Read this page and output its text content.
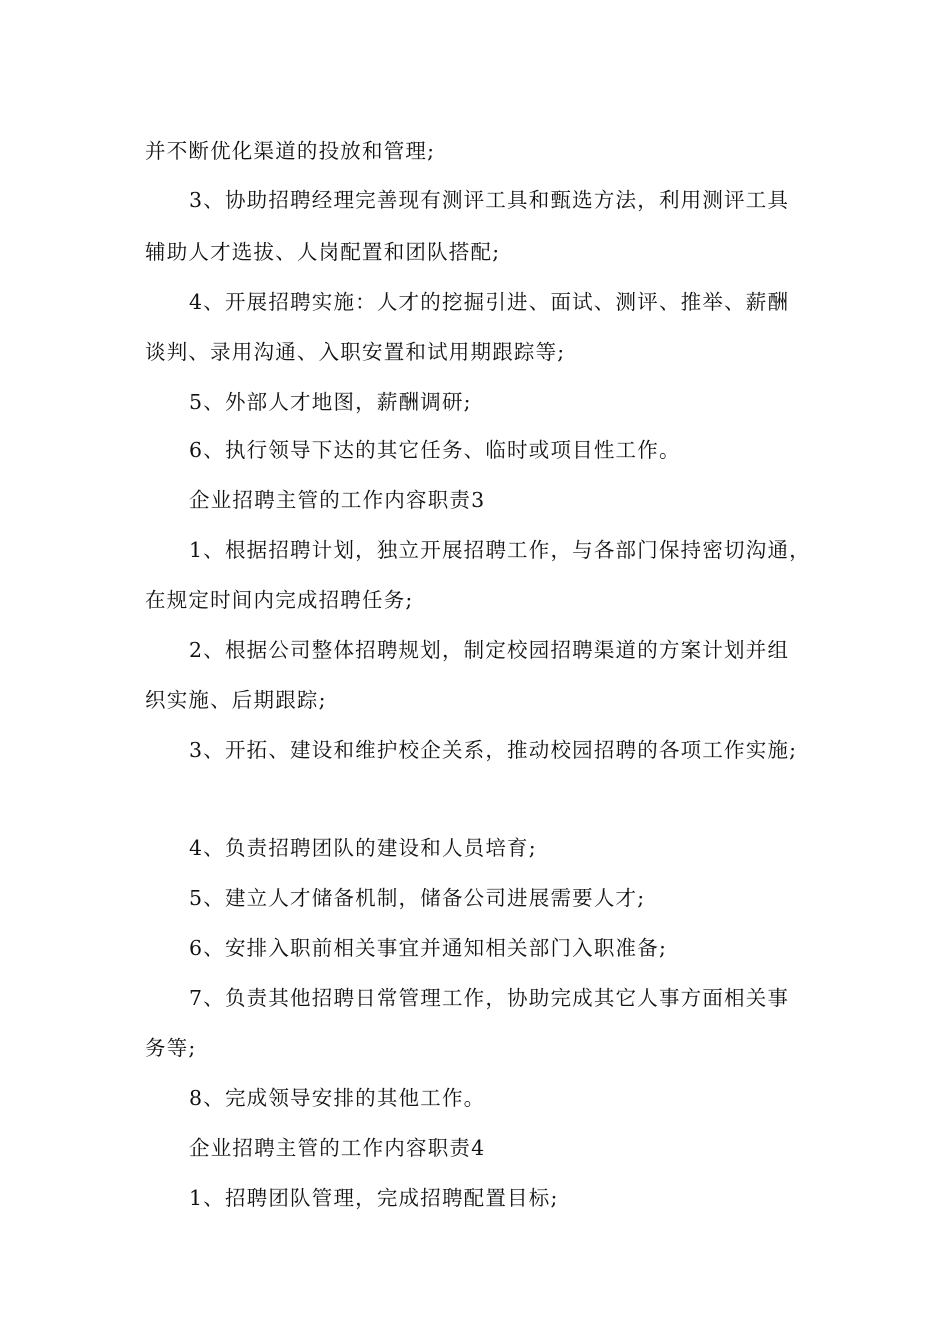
并不断优化渠道的投放和管理;

3、协助招聘经理完善现有测评工具和甄选方法，利用测评工具

辅助人才选拔、人岗配置和团队搭配;

4、开展招聘实施：人才的挖掘引进、面试、测评、推举、薪酬

谈判、录用沟通、入职安置和试用期跟踪等;

5、外部人才地图，薪酬调研;

6、执行领导下达的其它任务、临时或项目性工作。

企业招聘主管的工作内容职责3

1、根据招聘计划，独立开展招聘工作，与各部门保持密切沟通，

在规定时间内完成招聘任务;

2、根据公司整体招聘规划，制定校园招聘渠道的方案计划并组

织实施、后期跟踪;

3、开拓、建设和维护校企关系，推动校园招聘的各项工作实施;

4、负责招聘团队的建设和人员培育;

5、建立人才储备机制，储备公司进展需要人才;

6、安排入职前相关事宜并通知相关部门入职准备;

7、负责其他招聘日常管理工作，协助完成其它人事方面相关事

务等;

8、完成领导安排的其他工作。

企业招聘主管的工作内容职责4

1、招聘团队管理，完成招聘配置目标;
